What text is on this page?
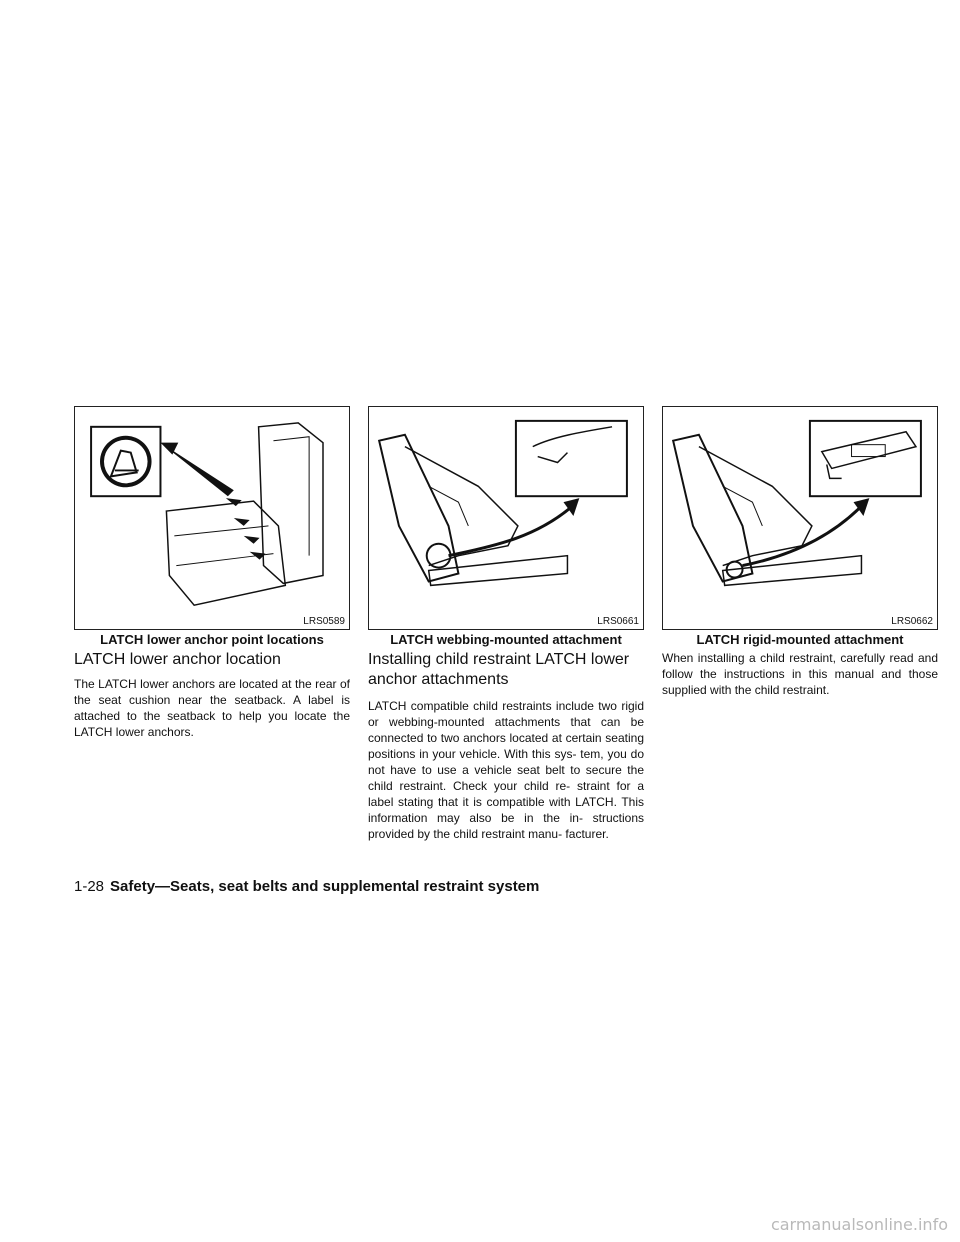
LRS0589
LATCH lower anchor point locations
LRS0661
LATCH webbing-mounted attachment
LRS0662
LATCH rigid-mounted attachment
LATCH lower anchor location

The LATCH lower anchors are located at the rear of the seat cushion near the seatback. A label is attached to the seatback to help you locate the LATCH lower anchors.

Installing child restraint LATCH lower anchor attachments

LATCH compatible child restraints include two rigid or webbing-mounted attachments that can be connected to two anchors located at certain seating positions in your vehicle. With this sys- tem, you do not have to use a vehicle seat belt to secure the child restraint. Check your child re- straint for a label stating that it is compatible with LATCH. This information may also be in the in- structions provided by the child restraint manu- facturer.

When installing a child restraint, carefully read and follow the instructions in this manual and those supplied with the child restraint.

1-28 Safety—Seats, seat belts and supplemental restraint system
carmanualsonline.info
